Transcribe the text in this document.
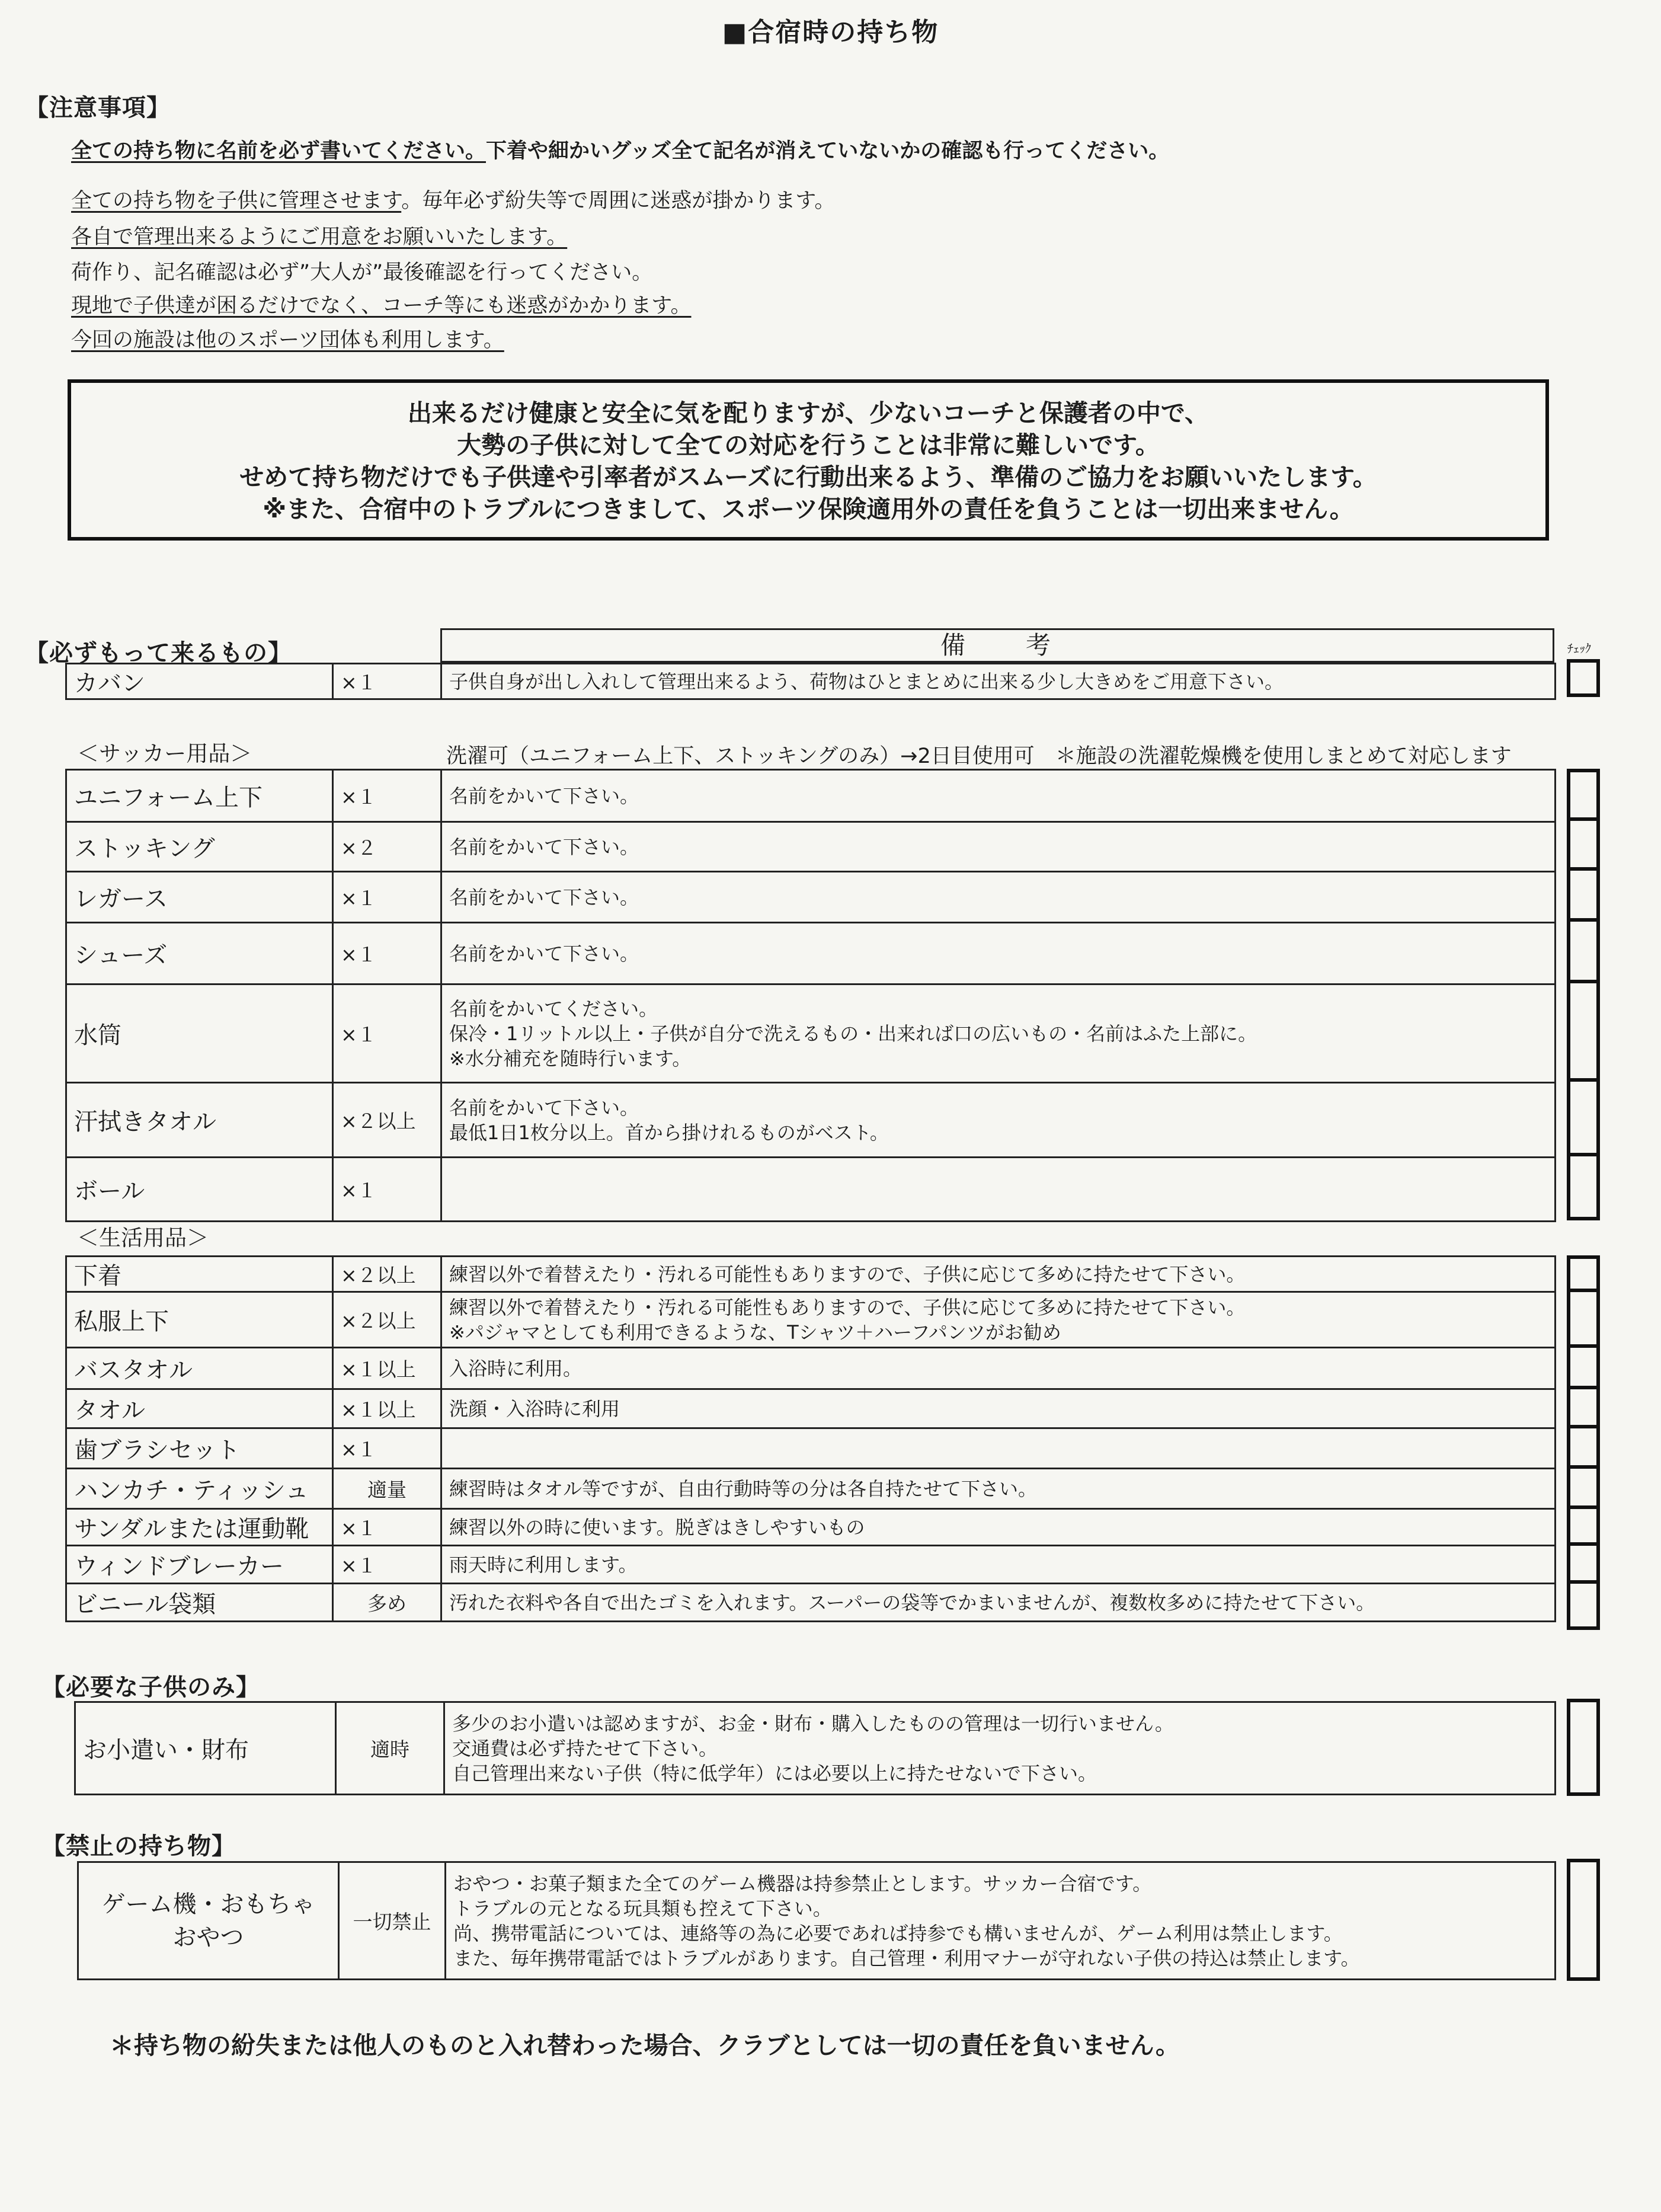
■合宿時の持ち物
【注意事項】
全ての持ち物に名前を必ず書いてください。下着や細かいグッズ全て記名が消えていないかの確認も行ってください。
全ての持ち物を子供に管理させます。毎年必ず紛失等で周囲に迷惑が掛かります。
各自で管理出来るようにご用意をお願いいたします。
荷作り、記名確認は必ず”大人が”最後確認を行ってください。
現地で子供達が困るだけでなく、コーチ等にも迷惑がかかります。
今回の施設は他のスポーツ団体も利用します。
出来るだけ健康と安全に気を配りますが、少ないコーチと保護者の中で、
大勢の子供に対して全ての対応を行うことは非常に難しいです。
せめて持ち物だけでも子供達や引率者がスムーズに行動出来るよう、準備のご協力をお願いいたします。
※また、合宿中のトラブルにつきまして、スポーツ保険適用外の責任を負うことは一切出来ません。
【必ずもって来るもの】	備　　考	ﾁｪｯｸ
カバン	×１	子供自身が出し入れして管理出来るよう、荷物はひとまとめに出来る少し大きめをご用意下さい。
＜サッカー用品＞	洗濯可（ユニフォーム上下、ストッキングのみ）→2日目使用可　＊施設の洗濯乾燥機を使用しまとめて対応します
ユニフォーム上下	×１	名前をかいて下さい。

ストッキング	×２	名前をかいて下さい。

レガース	×１	名前をかいて下さい。

シューズ	×１	名前をかいて下さい。

水筒	×１	名前をかいてください。
保冷・1リットル以上・子供が自分で洗えるもの・出来れば口の広いもの・名前はふた上部に。
※水分補充を随時行います。

汗拭きタオル	×２以上	名前をかいて下さい。
最低1日1枚分以上。首から掛けれるものがベスト。

ボール	×１	
＜生活用品＞
下着	×２以上	練習以外で着替えたり・汚れる可能性もありますので、子供に応じて多めに持たせて下さい。

私服上下	×２以上	練習以外で着替えたり・汚れる可能性もありますので、子供に応じて多めに持たせて下さい。
※パジャマとしても利用できるような、Tシャツ＋ハーフパンツがお勧め

バスタオル	×１以上	入浴時に利用。

タオル	×１以上	洗顔・入浴時に利用

歯ブラシセット	×１	

ハンカチ・ティッシュ	適量	練習時はタオル等ですが、自由行動時等の分は各自持たせて下さい。

サンダルまたは運動靴	×１	練習以外の時に使います。脱ぎはきしやすいもの

ウィンドブレーカー	×１	雨天時に利用します。

ビニール袋類	多め	汚れた衣料や各自で出たゴミを入れます。スーパーの袋等でかまいませんが、複数枚多めに持たせて下さい。
【必要な子供のみ】
お小遣い・財布	適時	
多少のお小遣いは認めますが、お金・財布・購入したものの管理は一切行いません。
交通費は必ず持たせて下さい。
自己管理出来ない子供（特に低学年）には必要以上に持たせないで下さい。
【禁止の持ち物】
ゲーム機・おもちゃ
おやつ
	一切禁止	
おやつ・お菓子類また全てのゲーム機器は持参禁止とします。サッカー合宿です。
トラブルの元となる玩具類も控えて下さい。
尚、携帯電話については、連絡等の為に必要であれば持参でも構いませんが、ゲーム利用は禁止します。
また、毎年携帯電話ではトラブルがあります。自己管理・利用マナーが守れない子供の持込は禁止します。
＊持ち物の紛失または他人のものと入れ替わった場合、クラブとしては一切の責任を負いません。
